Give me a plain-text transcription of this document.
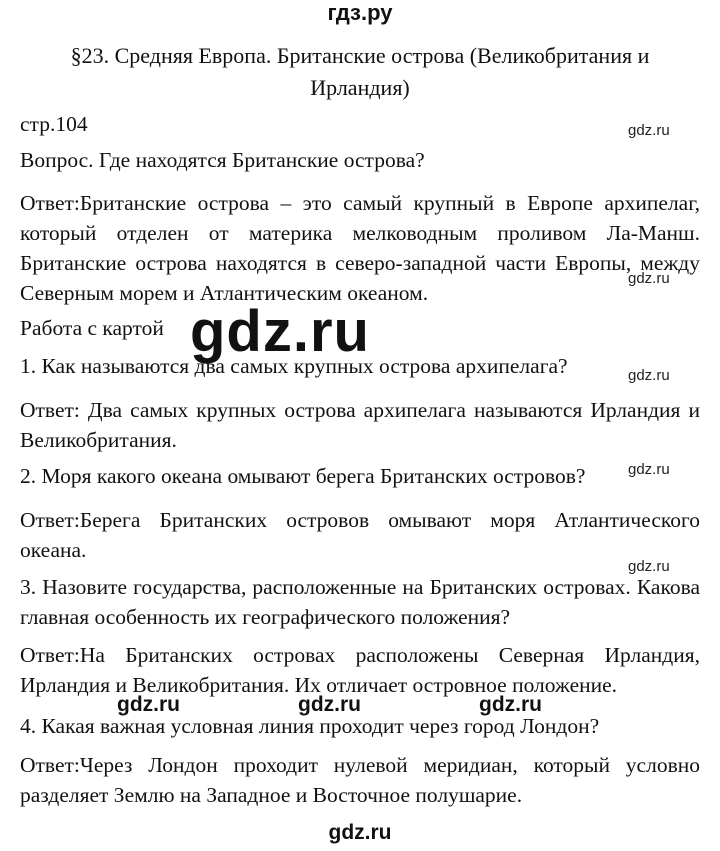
гдз.ру
§23. Средняя Европа. Британские острова (Великобритания и Ирландия)
стр.104	gdz.ru
Вопрос. Где находятся Британские острова?
Ответ:Британские острова – это самый крупный в Европе архипелаг, который отделен от материка мелководным проливом Ла-Манш. Британские острова находятся в северо-западной части Европы, между Северным морем и Атлантическим океаном.
gdz.ru
Работа с картой gdz.ru
1. Как называются два самых крупных острова архипелага?	gdz.ru
Ответ: Два самых крупных острова архипелага называются Ирландия и Великобритания.
2. Моря какого океана омывают берега Британских островов?	gdz.ru
Ответ:Берега Британских островов омывают моря Атлантического океана.
gdz.ru
3. Назовите государства, расположенные на Британских островах. Какова главная особенность их географического положения?
Ответ:На Британских островах расположены Северная Ирландия, Ирландия и Великобритания. Их отличает островное положение.
gdz.ru	gdz.ru	gdz.ru
4. Какая важная условная линия проходит через город Лондон?
Ответ:Через Лондон проходит нулевой меридиан, который условно разделяет Землю на Западное и Восточное полушарие.
gdz.ru
